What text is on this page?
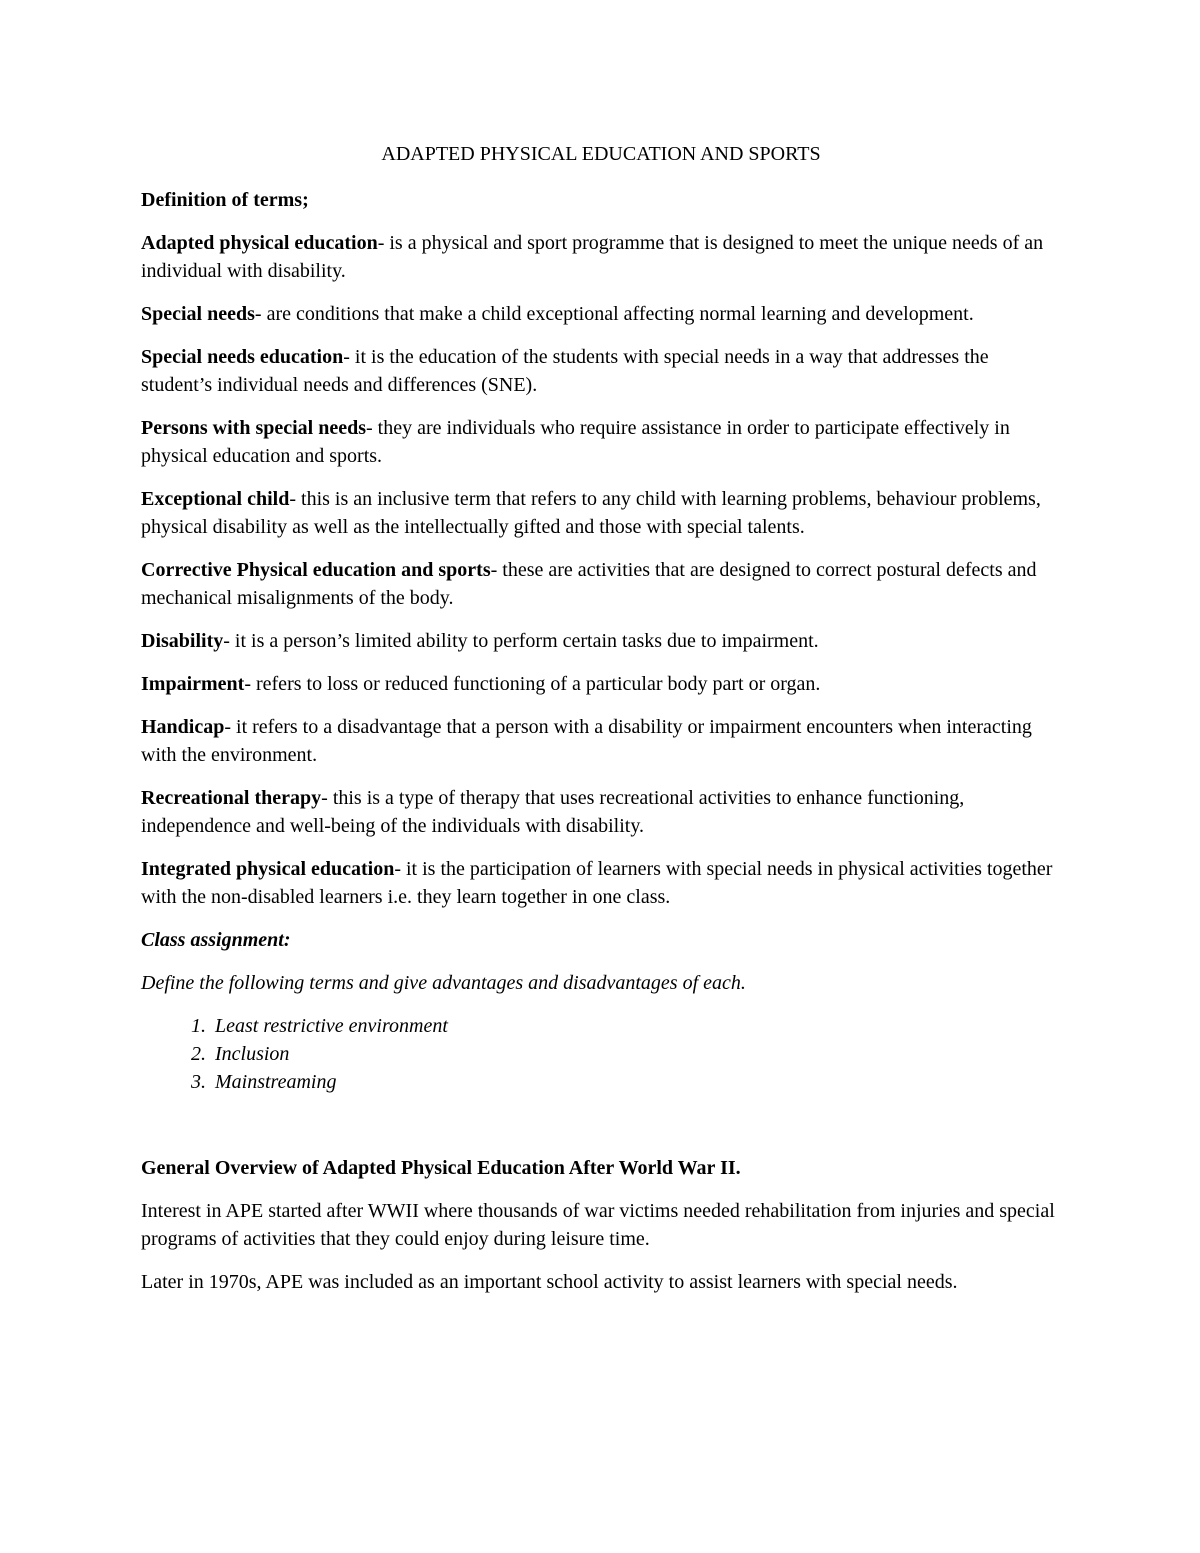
ADAPTED PHYSICAL EDUCATION AND SPORTS

Definition of terms;

Adapted physical education- is a physical and sport programme that is designed to meet the unique needs of an individual with disability.

Special needs- are conditions that make a child exceptional affecting normal learning and development.

Special needs education- it is the education of the students with special needs in a way that addresses the student’s individual needs and differences (SNE).

Persons with special needs- they are individuals who require assistance in order to participate effectively in physical education and sports.

Exceptional child- this is an inclusive term that refers to any child with learning problems, behaviour problems, physical disability as well as the intellectually gifted and those with special talents.

Corrective Physical education and sports- these are activities that are designed to correct postural defects and mechanical misalignments of the body.

Disability- it is a person’s limited ability to perform certain tasks due to impairment.

Impairment- refers to loss or reduced functioning of a particular body part or organ.

Handicap- it refers to a disadvantage that a person with a disability or impairment encounters when interacting with the environment.

Recreational therapy- this is a type of therapy that uses recreational activities to enhance functioning, independence and well-being of the individuals with disability.

Integrated physical education- it is the participation of learners with special needs in physical activities together with the non-disabled learners i.e. they learn together in one class.

Class assignment:

Define the following terms and give advantages and disadvantages of each.

1. Least restrictive environment
2. Inclusion
3. Mainstreaming

General Overview of Adapted Physical Education After World War II.

Interest in APE started after WWII where thousands of war victims needed rehabilitation from injuries and special programs of activities that they could enjoy during leisure time.

Later in 1970s, APE was included as an important school activity to assist learners with special needs.
